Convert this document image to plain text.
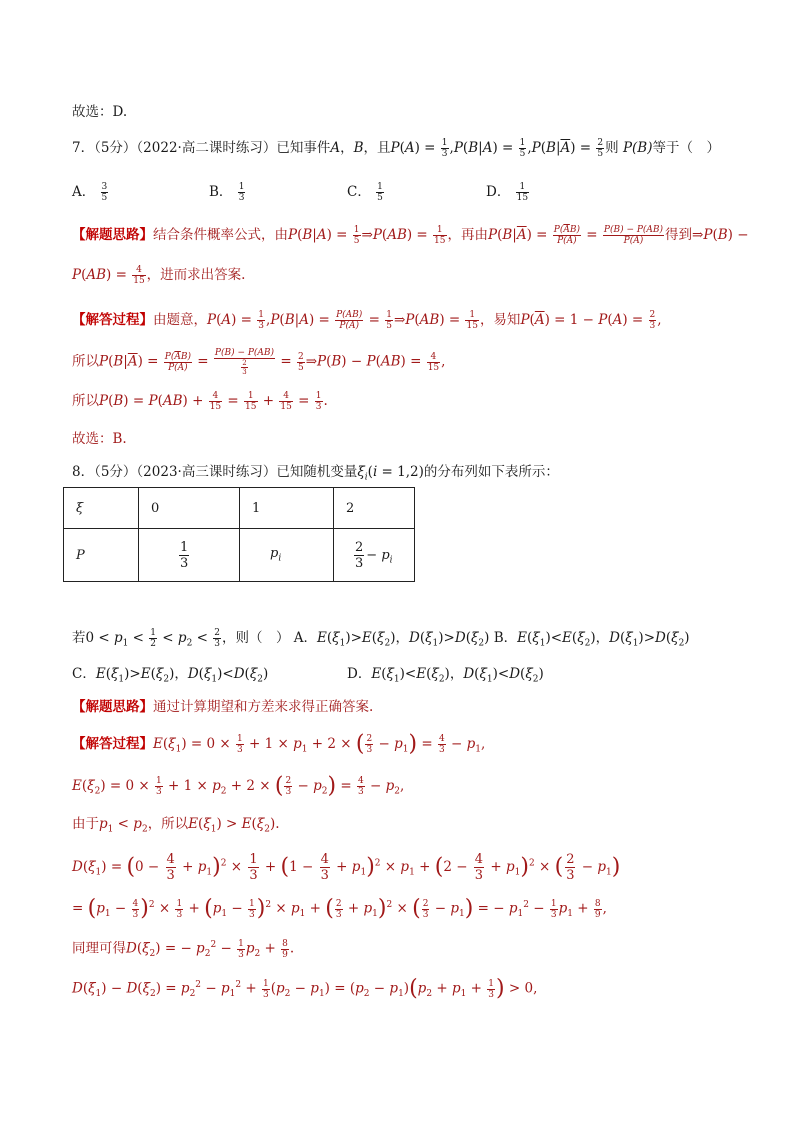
故选：D.
7．（5分）（2022·高二课时练习）已知事件A，B，且$P(A) = \frac{1}{3} ,P(B|A) = \frac{1}{5} ,P(B|\overline{A}) = \frac{2}{5}$ 则 P(B)等于（　）
A． $\frac{3}{5}$	B． $\frac{1}{3}$	C． $\frac{1}{5}$	D． $\frac{1}{15}$
【解题思路】结合条件概率公式，由$P(B|A) = \frac{1}{5}$ ⇒P(AB) = $\frac{1}{15}$ ，再由$P(B|\overline{A}) = \frac{P(\overline{A}B)}{P(\overline{A})} = \frac{P(B) - P(AB)}{P(\overline{A})}$ 得到⇒P(B) −
$P(AB) = \frac{4}{15}$ ，进而求出答案.
【解答过程】由题意，$P(A) = \frac{1}{3} ,P(B|A) = \frac{P(AB)}{P(A)} = \frac{1}{5}$ ⇒P(AB) = $\frac{1}{15}$ ，易知$P(\overline{A}) = 1 - P(A) = \frac{2}{3}$ ,
所以$P(B|\overline{A}) = \frac{P(\overline{A}B)}{P(\overline{A})} = \frac{P(B) - P(AB)}{\frac{2}{3}} = \frac{2}{5}$ ⇒P(B) − $P(AB) = \frac{4}{15}$ ,
所以$P(B) = P(AB) + \frac{4}{15} = \frac{1}{15} + \frac{4}{15} = \frac{1}{3}$ .
故选：B.
8．（5分）（2023·高三课时练习）已知随机变量$\xi_i(i = 1,2)$的分布列如下表所示：
ξ	0	1	2
P	$\frac{1}{3}$	$p_i$	$\frac{2}{3} - p_i$
若$0 < p_1 < \frac{1}{2} < p_2 < \frac{2}{3}$ ，则（　） A．$E(\xi_1)>E(\xi_2)$，$D(\xi_1)>D(\xi_2)$ B．$E(\xi_1)<E(\xi_2)$，$D(\xi_1)>D(\xi_2)$
C．$E(\xi_1)>E(\xi_2)$，$D(\xi_1)<D(\xi_2)$	D．$E(\xi_1)<E(\xi_2)$，$D(\xi_1)<D(\xi_2)$
【解题思路】通过计算期望和方差来求得正确答案.
【解答过程】$E(\xi_1) = 0 \times \frac{1}{3} + 1 \times p_1 + 2$ × ( $\frac{2}{3} - p_1) = \frac{4}{3} - p_1$,
$E(\xi_2) = 0 \times \frac{1}{3} + 1 \times p_2 + 2$ × ( $\frac{2}{3} - p_2) = \frac{4}{3} - p_2$,
由于$p_1 < p_2$，所以$E(\xi_1) > E(\xi_2)$.
$D(\xi_1) = (0 - \frac{4}{3} + p_1)^2 \times \frac{1}{3} + (1 - \frac{4}{3} + p_1)^2 \times p_1 + (2 - \frac{4}{3} + p_1)^2$ × ( $\frac{2}{3} - p_1$)
= $(p_1 - \frac{4}{3} )^2 \times \frac{1}{3} + (p_1 - \frac{1}{3} )^2 \times p_1$ + ( $\frac{2}{3} + p_1)^2$ × ( $\frac{2}{3} - p_1$) = − $p_1^2 - \frac{1}{3} p_1 + \frac{8}{9}$ ,
同理可得$D(\xi_2)$ = − $p_2^2 - \frac{1}{3} p_2 + \frac{8}{9}$ .
$D(\xi_1) - D(\xi_2) = p_2^2 - p_1^2 + \frac{1}{3} (p_2 - p_1) = (p_2 - p_1)(p_2 + p_1 + \frac{1}{3}$ ) > 0,
